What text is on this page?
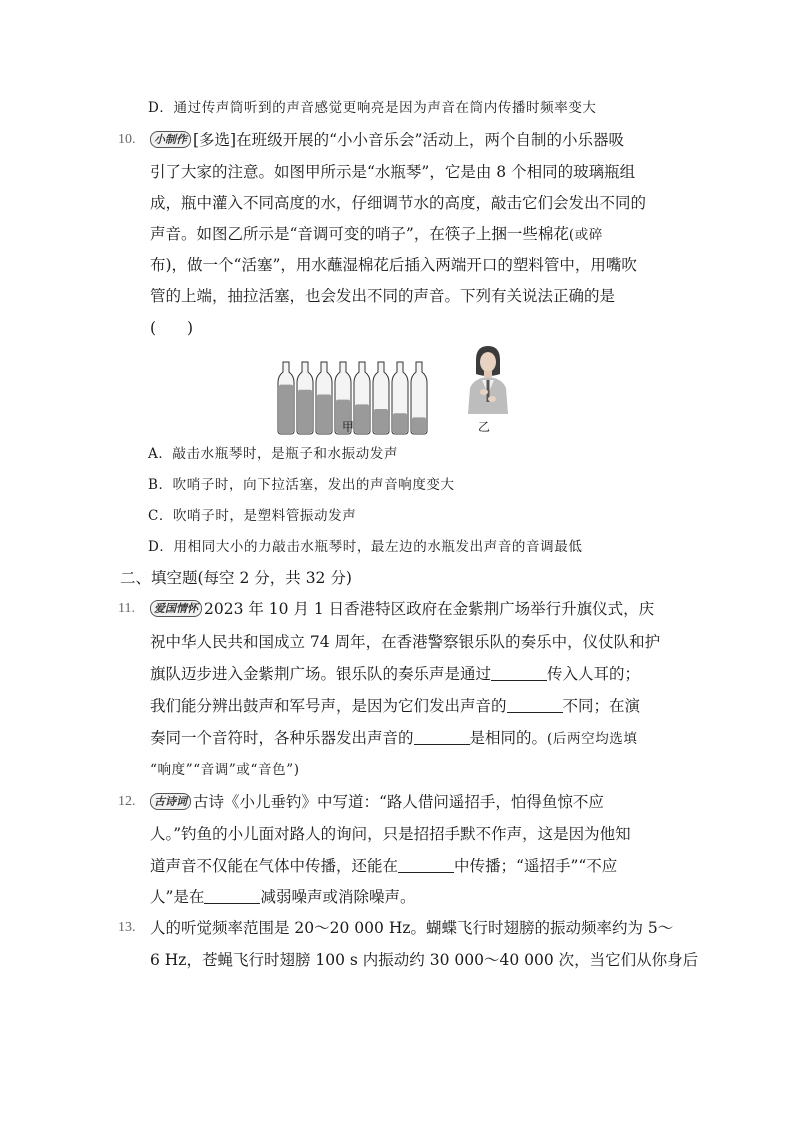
D．通过传声筒听到的声音感觉更响亮是因为声音在筒内传播时频率变大
10.	小制作 [多选]在班级开展的“小小音乐会”活动上，两个自制的小乐器吸
引了大家的注意。如图甲所示是“水瓶琴”，它是由 8 个相同的玻璃瓶组
成，瓶中灌入不同高度的水，仔细调节水的高度，敲击它们会发出不同的
声音。如图乙所示是“音调可变的哨子”，在筷子上捆一些棉花(或碎
布)，做一个“活塞”，用水蘸湿棉花后插入两端开口的塑料管中，用嘴吹
管的上端，抽拉活塞，也会发出不同的声音。下列有关说法正确的是
(　　)
甲	乙
A．敲击水瓶琴时，是瓶子和水振动发声
B．吹哨子时，向下拉活塞，发出的声音响度变大
C．吹哨子时，是塑料管振动发声
D．用相同大小的力敲击水瓶琴时，最左边的水瓶发出声音的音调最低
二、填空题(每空 2 分，共 32 分)
11.	爱国情怀 2023 年 10 月 1 日香港特区政府在金紫荆广场举行升旗仪式，庆
祝中华人民共和国成立 74 周年，在香港警察银乐队的奏乐中，仪仗队和护
旗队迈步进入金紫荆广场。银乐队的奏乐声是通过	传入人耳的；
我们能分辨出鼓声和军号声，是因为它们发出声音的	不同；在演
奏同一个音符时，各种乐器发出声音的	是相同的。(后两空均选填
“响度”“音调”或“音色”)
12.	古诗词 古诗《小儿垂钓》中写道：“路人借问遥招手，怕得鱼惊不应
人。”钓鱼的小儿面对路人的询问，只是招招手默不作声，这是因为他知
道声音不仅能在气体中传播，还能在	中传播；“遥招手”“不应
人”是在	减弱噪声或消除噪声。
13. 人的听觉频率范围是 20～20 000 Hz。蝴蝶飞行时翅膀的振动频率约为 5～
6 Hz，苍蝇飞行时翅膀 100 s 内振动约 30 000～40 000 次，当它们从你身后
